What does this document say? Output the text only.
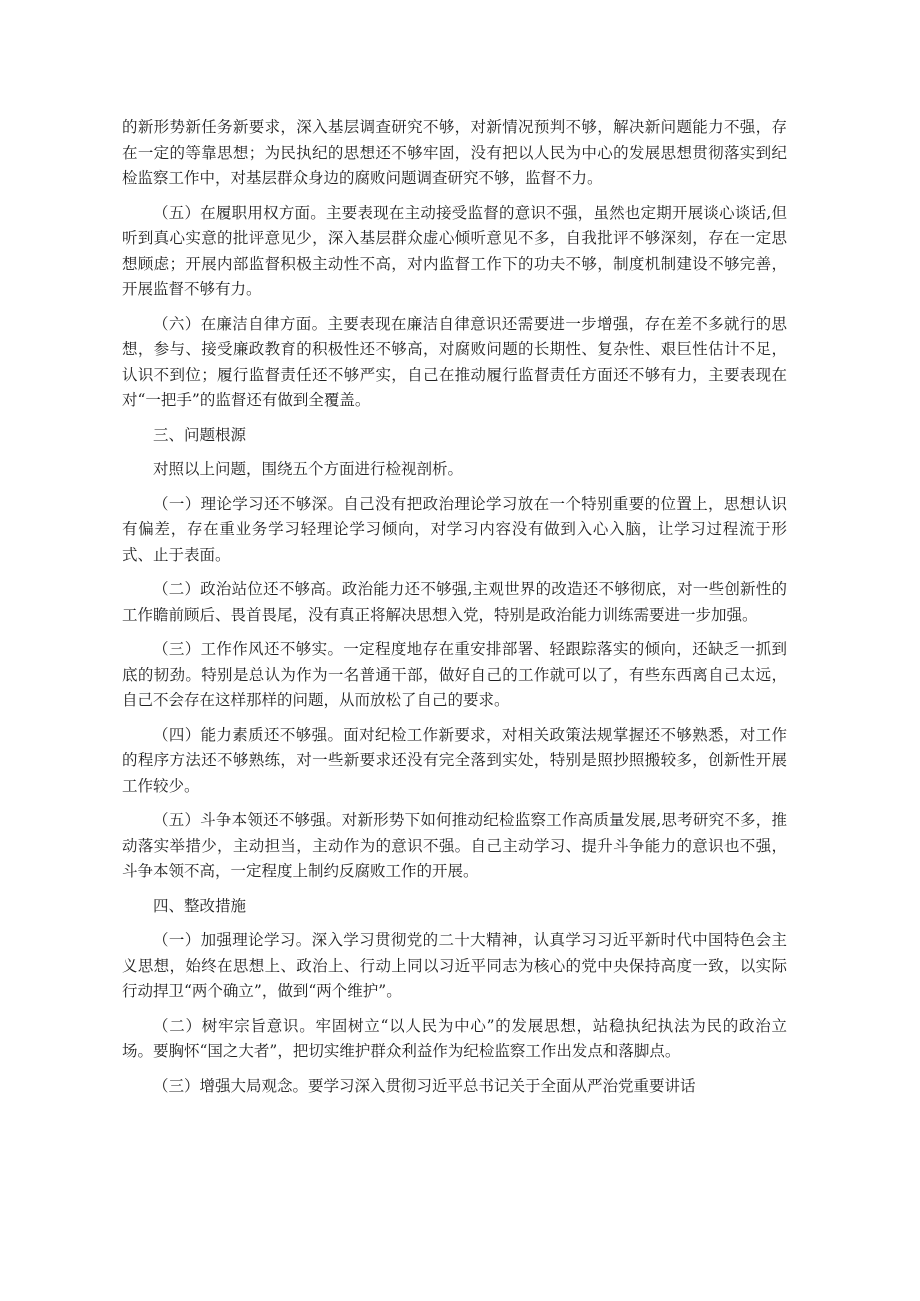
的新形势新任务新要求，深入基层调查研究不够，对新情况预判不够，解决新问题能力不强，存在一定的等靠思想；为民执纪的思想还不够牢固，没有把以人民为中心的发展思想贯彻落实到纪检监察工作中，对基层群众身边的腐败问题调查研究不够，监督不力。

（五）在履职用权方面。主要表现在主动接受监督的意识不强，虽然也定期开展谈心谈话,但听到真心实意的批评意见少，深入基层群众虚心倾听意见不多，自我批评不够深刻，存在一定思想顾虑；开展内部监督积极主动性不高，对内监督工作下的功夫不够，制度机制建设不够完善，开展监督不够有力。

（六）在廉洁自律方面。主要表现在廉洁自律意识还需要进一步增强，存在差不多就行的思想，参与、接受廉政教育的积极性还不够高，对腐败问题的长期性、复杂性、艰巨性估计不足，认识不到位；履行监督责任还不够严实，自己在推动履行监督责任方面还不够有力，主要表现在对“一把手”的监督还有做到全覆盖。

三、问题根源

对照以上问题，围绕五个方面进行检视剖析。

（一）理论学习还不够深。自己没有把政治理论学习放在一个特别重要的位置上，思想认识有偏差，存在重业务学习轻理论学习倾向，对学习内容没有做到入心入脑，让学习过程流于形式、止于表面。

（二）政治站位还不够高。政治能力还不够强,主观世界的改造还不够彻底，对一些创新性的工作瞻前顾后、畏首畏尾，没有真正将解决思想入党，特别是政治能力训练需要进一步加强。

（三）工作作风还不够实。一定程度地存在重安排部署、轻跟踪落实的倾向，还缺乏一抓到底的韧劲。特别是总认为作为一名普通干部，做好自己的工作就可以了，有些东西离自己太远，自己不会存在这样那样的问题，从而放松了自己的要求。

（四）能力素质还不够强。面对纪检工作新要求，对相关政策法规掌握还不够熟悉，对工作的程序方法还不够熟练，对一些新要求还没有完全落到实处，特别是照抄照搬较多，创新性开展工作较少。

（五）斗争本领还不够强。对新形势下如何推动纪检监察工作高质量发展,思考研究不多，推动落实举措少，主动担当，主动作为的意识不强。自己主动学习、提升斗争能力的意识也不强，斗争本领不高，一定程度上制约反腐败工作的开展。

四、整改措施

（一）加强理论学习。深入学习贯彻党的二十大精神，认真学习习近平新时代中国特色会主义思想，始终在思想上、政治上、行动上同以习近平同志为核心的党中央保持高度一致，以实际行动捍卫“两个确立”，做到“两个维护”。

（二）树牢宗旨意识。牢固树立“以人民为中心”的发展思想，站稳执纪执法为民的政治立场。要胸怀“国之大者”，把切实维护群众利益作为纪检监察工作出发点和落脚点。

（三）增强大局观念。要学习深入贯彻习近平总书记关于全面从严治党重要讲话
